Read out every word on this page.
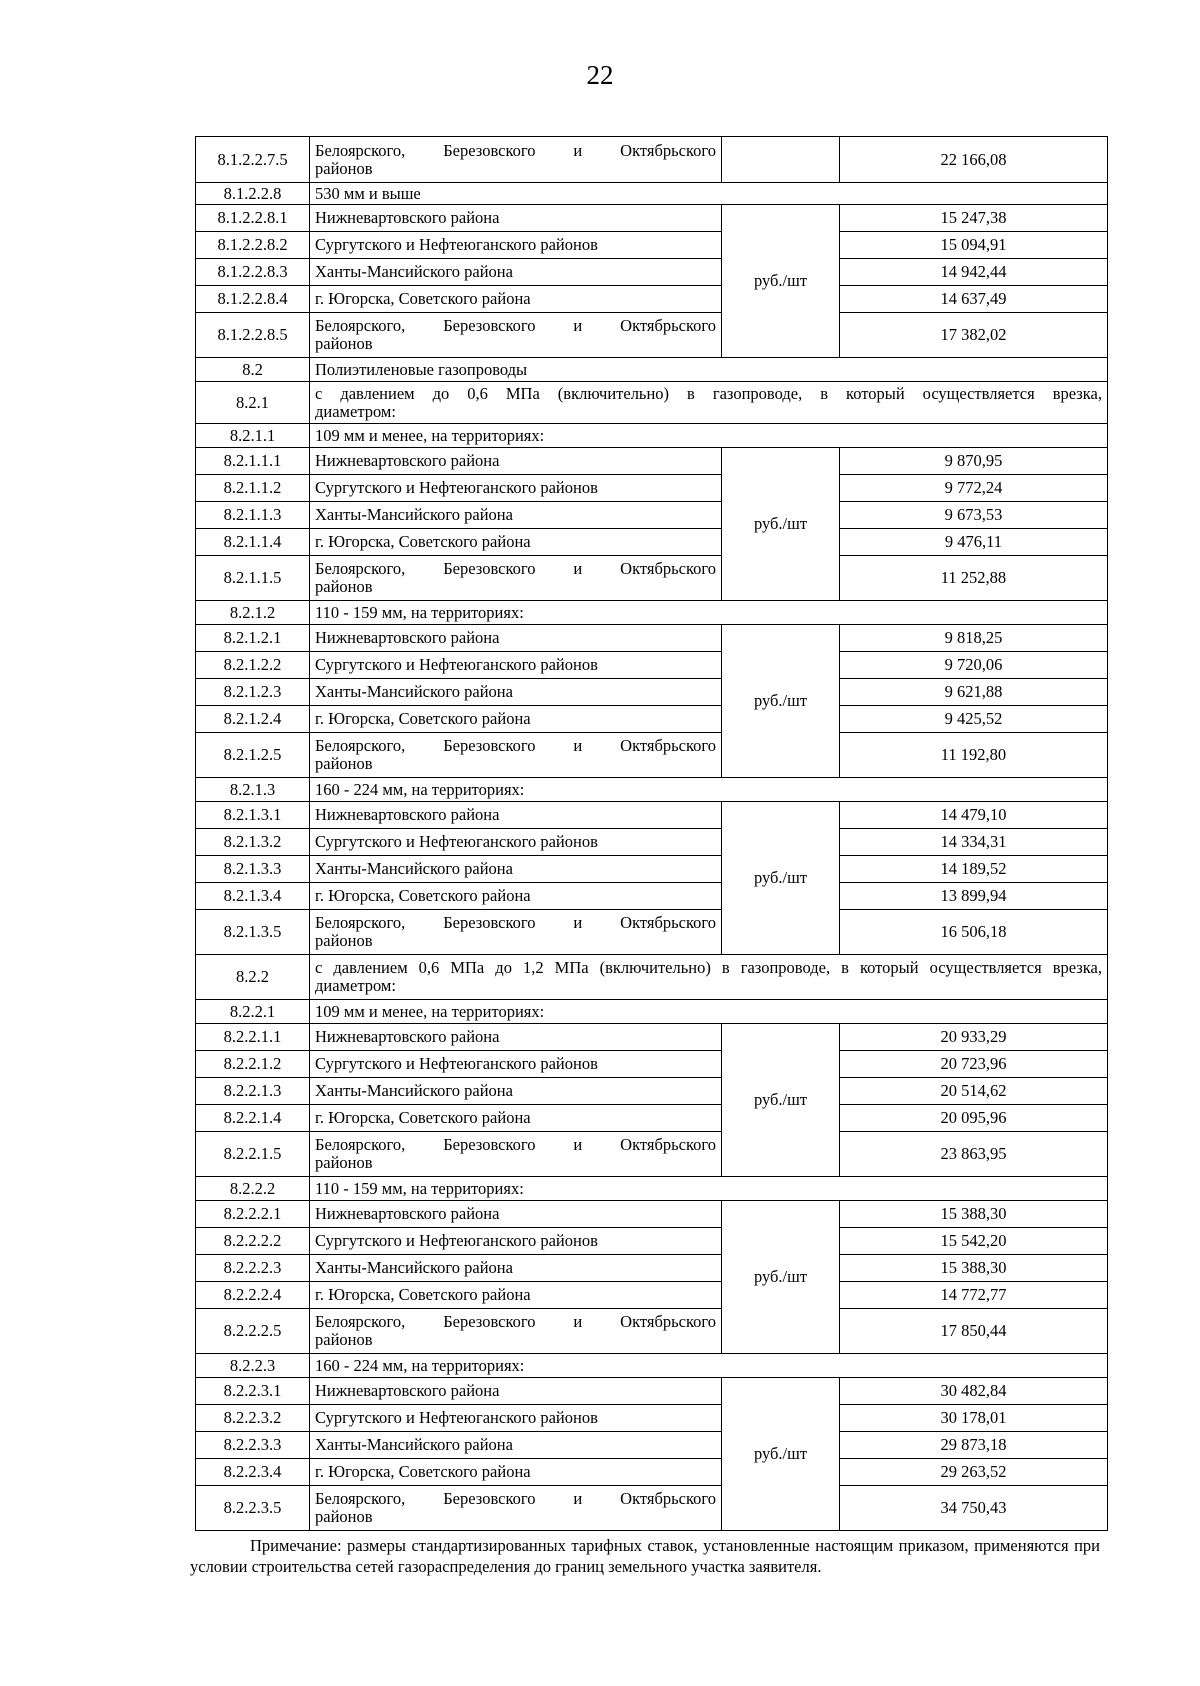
22
8.1.2.2.7.5	Белоярского, Березовского и Октябрьского
районов		22 166,08
8.1.2.2.8	530 мм и выше		
8.1.2.2.8.1	Нижневартовского района	руб./шт	15 247,38
8.1.2.2.8.2	Сургутского и Нефтеюганского районов		15 094,91
8.1.2.2.8.3	Ханты-Мансийского района		14 942,44
8.1.2.2.8.4	г. Югорска, Советского района		14 637,49
8.1.2.2.8.5	Белоярского, Березовского и Октябрьского
районов		17 382,02
8.2	Полиэтиленовые газопроводы		
8.2.1	с давлением до 0,6 МПа (включительно) в газопроводе, в который осуществляется врезка,
диаметром:		

8.2.1.1	109 мм и менее, на территориях:		
8.2.1.1.1	Нижневартовского района	руб./шт	9 870,95
8.2.1.1.2	Сургутского и Нефтеюганского районов		9 772,24
8.2.1.1.3	Ханты-Мансийского района		9 673,53
8.2.1.1.4	г. Югорска, Советского района		9 476,11
8.2.1.1.5	Белоярского, Березовского и Октябрьского
районов		11 252,88
8.2.1.2	110 - 159 мм, на территориях:		
8.2.1.2.1	Нижневартовского района	руб./шт	9 818,25
8.2.1.2.2	Сургутского и Нефтеюганского районов		9 720,06
8.2.1.2.3	Ханты-Мансийского района		9 621,88
8.2.1.2.4	г. Югорска, Советского района		9 425,52
8.2.1.2.5	Белоярского, Березовского и Октябрьского
районов		11 192,80
8.2.1.3	160 - 224 мм, на территориях:		
8.2.1.3.1	Нижневартовского района	руб./шт	14 479,10
8.2.1.3.2	Сургутского и Нефтеюганского районов		14 334,31
8.2.1.3.3	Ханты-Мансийского района		14 189,52
8.2.1.3.4	г. Югорска, Советского района		13 899,94
8.2.1.3.5	Белоярского, Березовского и Октябрьского
районов		16 506,18
8.2.2	с давлением 0,6 МПа до 1,2 МПа (включительно) в газопроводе, в который осуществляется врезка,
диаметром:		

8.2.2.1	109 мм и менее, на территориях:		
8.2.2.1.1	Нижневартовского района	руб./шт	20 933,29
8.2.2.1.2	Сургутского и Нефтеюганского районов		20 723,96
8.2.2.1.3	Ханты-Мансийского района		20 514,62
8.2.2.1.4	г. Югорска, Советского района		20 095,96
8.2.2.1.5	Белоярского, Березовского и Октябрьского
районов		23 863,95
8.2.2.2	110 - 159 мм, на территориях:		
8.2.2.2.1	Нижневартовского района	руб./шт	15 388,30
8.2.2.2.2	Сургутского и Нефтеюганского районов		15 542,20
8.2.2.2.3	Ханты-Мансийского района		15 388,30
8.2.2.2.4	г. Югорска, Советского района		14 772,77
8.2.2.2.5	Белоярского, Березовского и Октябрьского
районов		17 850,44
8.2.2.3	160 - 224 мм, на территориях:		
8.2.2.3.1	Нижневартовского района	руб./шт	30 482,84
8.2.2.3.2	Сургутского и Нефтеюганского районов		30 178,01
8.2.2.3.3	Ханты-Мансийского района		29 873,18
8.2.2.3.4	г. Югорска, Советского района		29 263,52
8.2.2.3.5	Белоярского, Березовского и Октябрьского
районов		34 750,43
Примечание: размеры стандартизированных тарифных ставок, установленные настоящим приказом, применяются при условии строительства сетей газораспределения до границ земельного участка заявителя.
